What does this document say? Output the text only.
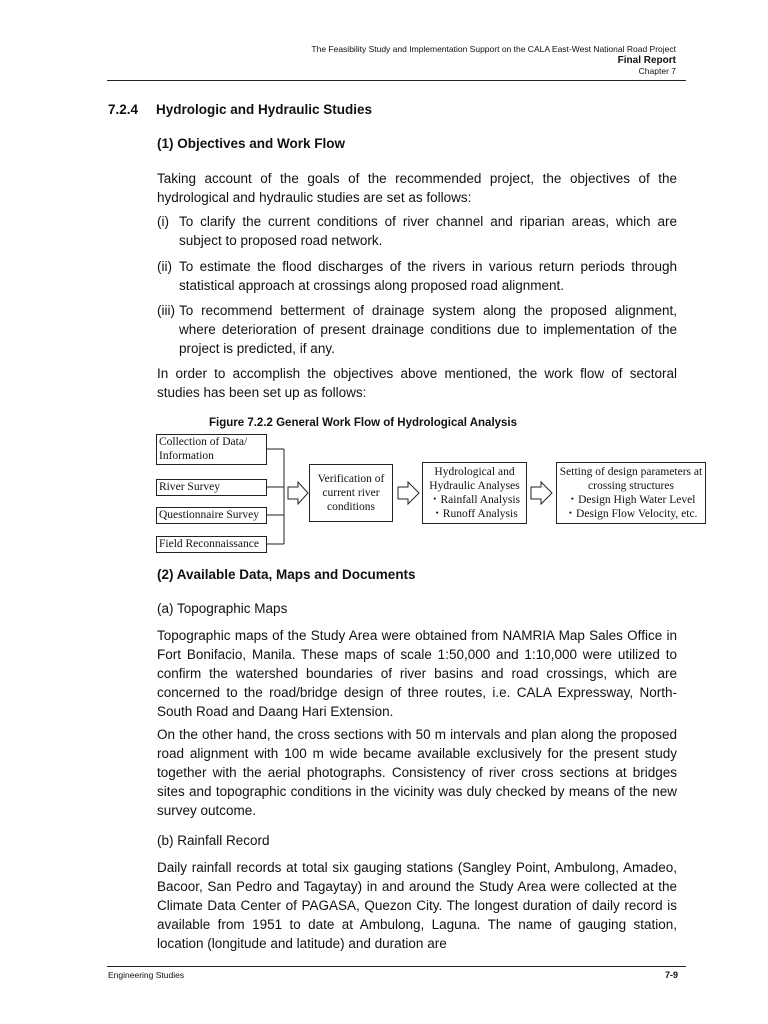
The Feasibility Study and Implementation Support on the CALA East-West National Road Project
Final Report
Chapter 7
7.2.4 Hydrologic and Hydraulic Studies
(1) Objectives and Work Flow
Taking account of the goals of the recommended project, the objectives of the hydrological and hydraulic studies are set as follows:
(i) To clarify the current conditions of river channel and riparian areas, which are subject to proposed road network.
(ii) To estimate the flood discharges of the rivers in various return periods through statistical approach at crossings along proposed road alignment.
(iii) To recommend betterment of drainage system along the proposed alignment, where deterioration of present drainage conditions due to implementation of the project is predicted, if any.
In order to accomplish the objectives above mentioned, the work flow of sectoral studies has been set up as follows:
Figure 7.2.2 General Work Flow of Hydrological Analysis
Collection of Data/ Information
River Survey
Questionnaire Survey
Field Reconnaissance
Verification of current river conditions
Hydrological and Hydraulic Analyses
・Rainfall Analysis
・Runoff Analysis
Setting of design parameters at crossing structures
・Design High Water Level
・Design Flow Velocity, etc.
(2) Available Data, Maps and Documents
(a) Topographic Maps
Topographic maps of the Study Area were obtained from NAMRIA Map Sales Office in Fort Bonifacio, Manila. These maps of scale 1:50,000 and 1:10,000 were utilized to confirm the watershed boundaries of river basins and road crossings, which are concerned to the road/bridge design of three routes, i.e. CALA Expressway, North-South Road and Daang Hari Extension.
On the other hand, the cross sections with 50 m intervals and plan along the proposed road alignment with 100 m wide became available exclusively for the present study together with the aerial photographs. Consistency of river cross sections at bridges sites and topographic conditions in the vicinity was duly checked by means of the new survey outcome.
(b) Rainfall Record
Daily rainfall records at total six gauging stations (Sangley Point, Ambulong, Amadeo, Bacoor, San Pedro and Tagaytay) in and around the Study Area were collected at the Climate Data Center of PAGASA, Quezon City. The longest duration of daily record is available from 1951 to date at Ambulong, Laguna. The name of gauging station, location (longitude and latitude) and duration are
Engineering Studies	7-9
